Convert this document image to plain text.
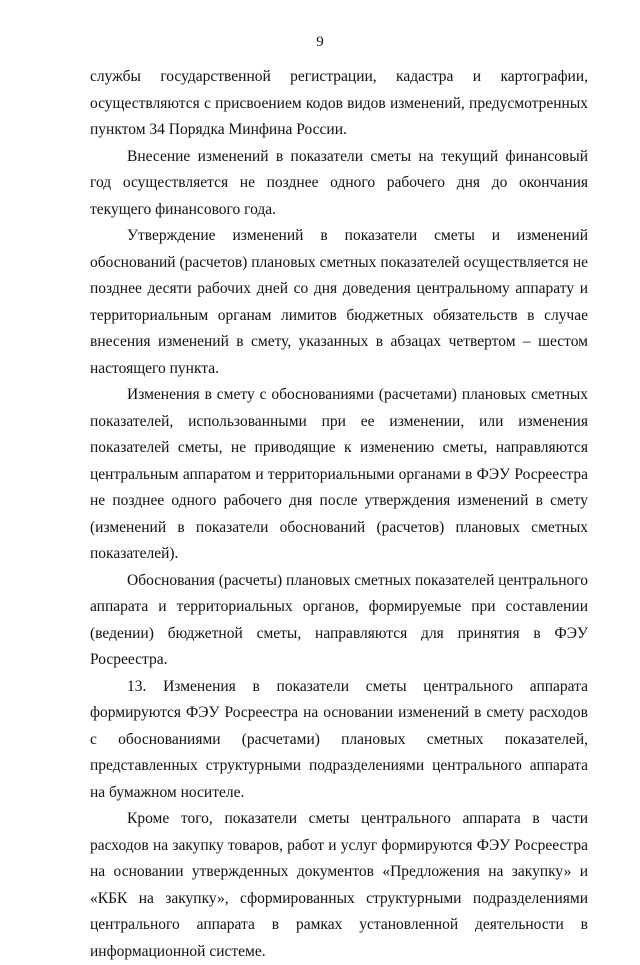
9

службы государственной регистрации, кадастра и картографии, осуществляются с присвоением кодов видов изменений, предусмотренных пунктом 34 Порядка Минфина России.

Внесение изменений в показатели сметы на текущий финансовый год осуществляется не позднее одного рабочего дня до окончания текущего финансового года.

Утверждение изменений в показатели сметы и изменений обоснований (расчетов) плановых сметных показателей осуществляется не позднее десяти рабочих дней со дня доведения центральному аппарату и территориальным органам лимитов бюджетных обязательств в случае внесения изменений в смету, указанных в абзацах четвертом – шестом настоящего пункта.

Изменения в смету с обоснованиями (расчетами) плановых сметных показателей, использованными при ее изменении, или изменения показателей сметы, не приводящие к изменению сметы, направляются центральным аппаратом и территориальными органами в ФЭУ Росреестра не позднее одного рабочего дня после утверждения изменений в смету (изменений в показатели обоснований (расчетов) плановых сметных показателей).

Обоснования (расчеты) плановых сметных показателей центрального аппарата и территориальных органов, формируемые при составлении (ведении) бюджетной сметы, направляются для принятия в ФЭУ Росреестра.

13. Изменения в показатели сметы центрального аппарата формируются ФЭУ Росреестра на основании изменений в смету расходов с обоснованиями (расчетами) плановых сметных показателей, представленных структурными подразделениями центрального аппарата на бумажном носителе.

Кроме того, показатели сметы центрального аппарата в части расходов на закупку товаров, работ и услуг формируются ФЭУ Росреестра на основании утвержденных документов «Предложения на закупку» и «КБК на закупку», сформированных структурными подразделениями центрального аппарата в рамках установленной деятельности в информационной системе.
